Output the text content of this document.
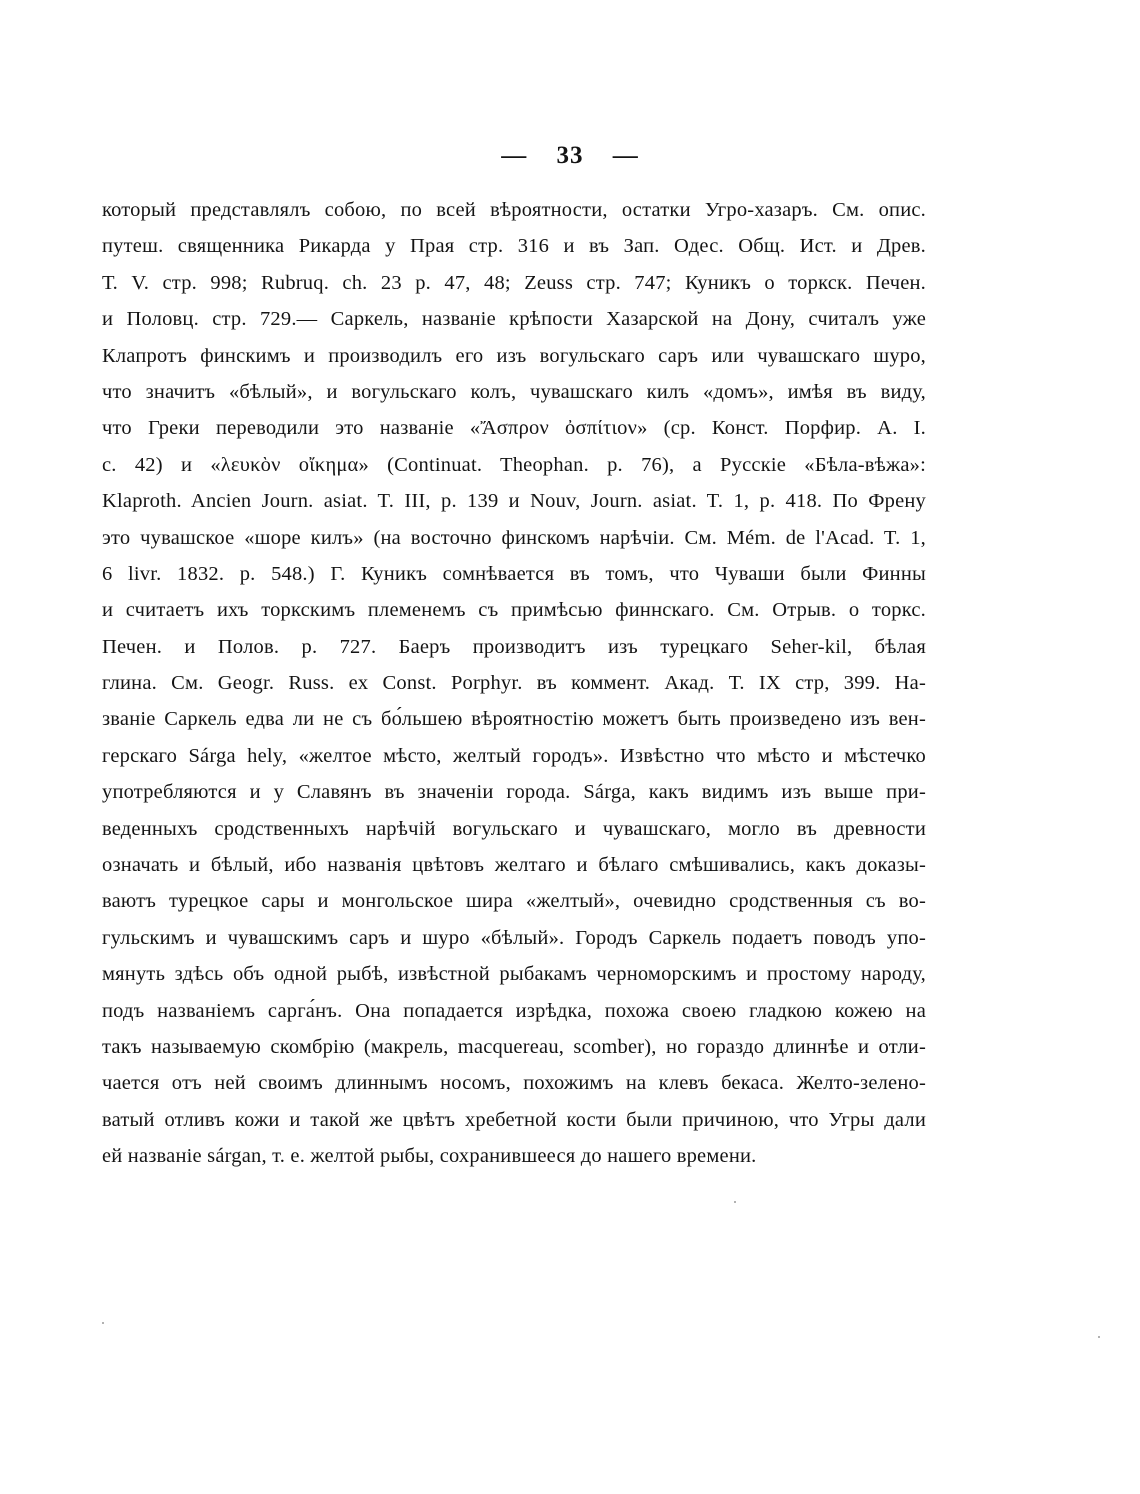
— 33 —
который представлялъ собою, по всей вѣроятности, остатки Угро-хазаръ. См. опис.
путеш. священника Рикарда у Прая стр. 316 и въ Зап. Одес. Общ. Ист. и Древ.
Т. V. стр. 998; Rubruq. ch. 23 p. 47, 48; Zeuss стр. 747; Куникъ о торкск. Печен.
и Половц. стр. 729.— Саркель, названіе крѣпости Хазарской на Дону, считалъ уже
Клапротъ финскимъ и производилъ его изъ вогульскаго саръ или чувашскаго шуро,
что значитъ «бѣлый», и вогульскаго колъ, чувашскаго килъ «домъ», имѣя въ виду,
что Греки переводили это названіе «Ἄσπρον ὀσπίτιον» (ср. Конст. Порфир. А. I.
с. 42) и «λευκὸν οἴκημα» (Continuat. Theophan. p. 76), а Русскіе «Бѣла-вѣжа»:
Klaproth. Ancien Journ. asiat. T. III, p. 139 и Nouv, Journ. asiat. T. 1, p. 418. По Френу
это чувашское «шоре килъ» (на восточно финскомъ нарѣчіи. См. Mém. de l'Acad. T. 1,
6 livr. 1832. p. 548.) Г. Куникъ сомнѣвается въ томъ, что Чуваши были Финны
и считаетъ ихъ торкскимъ племенемъ съ примѣсью финнскаго. См. Отрыв. о торкс.
Печен. и Полов. p. 727. Баеръ производитъ изъ турецкаго Seher-kil, бѣлая
глина. См. Geogr. Russ. ex Const. Porphyr. въ коммент. Акад. Т. IX стр, 399. На-
званіе Саркель едва ли не съ бо́льшею вѣроятностію можетъ быть произведено изъ вен-
герскаго Sárga hely, «желтое мѣсто, желтый городъ». Извѣстно что мѣсто и мѣстечко
употребляются и у Славянъ въ значеніи города. Sárga, какъ видимъ изъ выше при-
веденныхъ сродственныхъ нарѣчій вогульскаго и чувашскаго, могло въ древности
означать и бѣлый, ибо названія цвѣтовъ желтаго и бѣлаго смѣшивались, какъ доказы-
ваютъ турецкое сары и монгольское шира «желтый», очевидно сродственныя съ во-
гульскимъ и чувашскимъ саръ и шуро «бѣлый». Городъ Саркель подаетъ поводъ упо-
мянуть здѣсь объ одной рыбѣ, извѣстной рыбакамъ черноморскимъ и простому народу,
подъ названіемъ сарга́нъ. Она попадается изрѣдка, похожа своею гладкою кожею на
такъ называемую скомбрію (макрель, macquereau, scomber), но гораздо длиннѣе и отли-
чается отъ ней своимъ длиннымъ носомъ, похожимъ на клевъ бекаса. Желто-зелено-
ватый отливъ кожи и такой же цвѣтъ хребетной кости были причиною, что Угры дали
ей названіе sárgan, т. е. желтой рыбы, сохранившееся до нашего времени.
